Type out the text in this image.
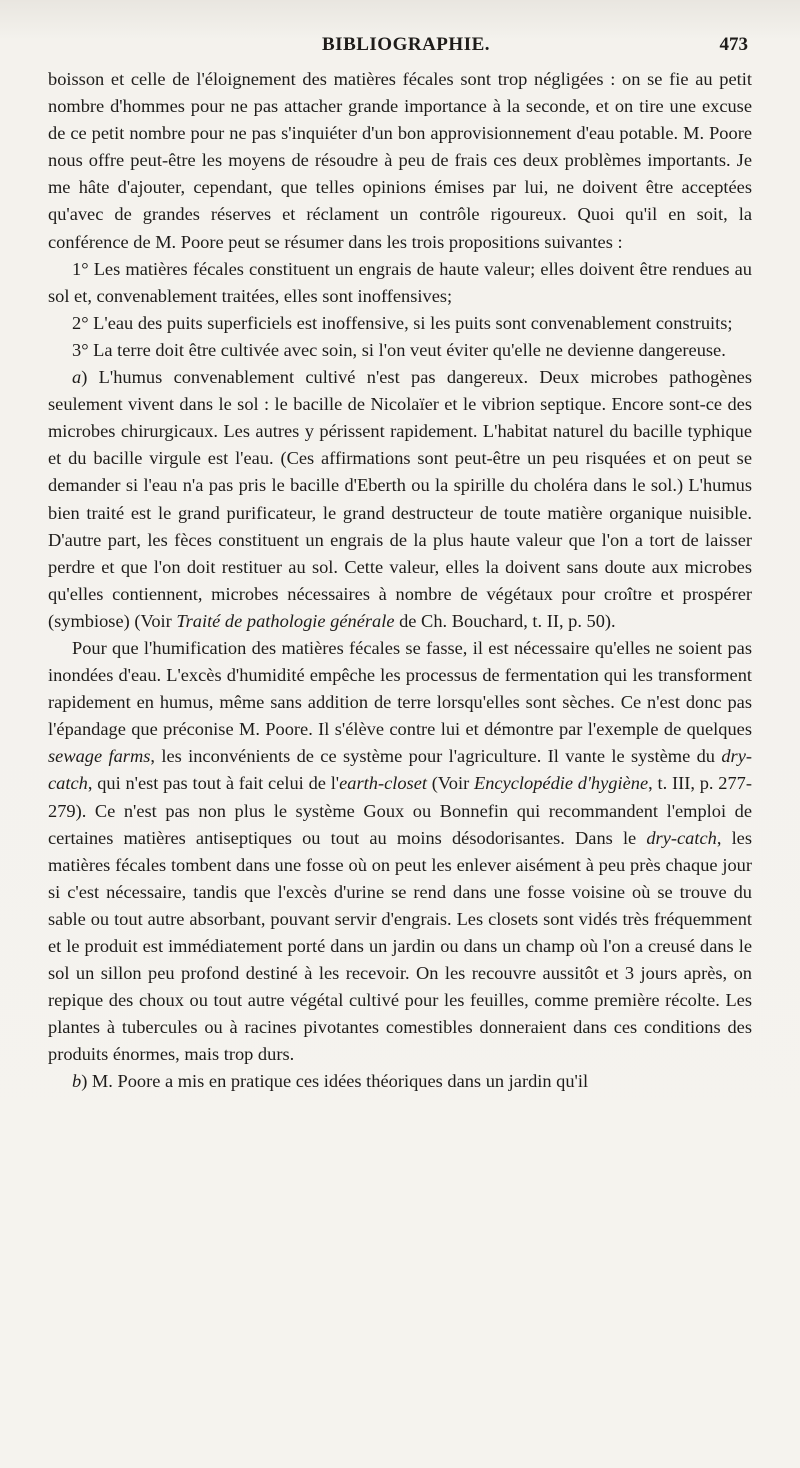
BIBLIOGRAPHIE.	473

boisson et celle de l'éloignement des matières fécales sont trop négligées : on se fie au petit nombre d'hommes pour ne pas attacher grande importance à la seconde, et on tire une excuse de ce petit nombre pour ne pas s'inquiéter d'un bon approvisionnement d'eau potable. M. Poore nous offre peut-être les moyens de résoudre à peu de frais ces deux problèmes importants. Je me hâte d'ajouter, cependant, que telles opinions émises par lui, ne doivent être acceptées qu'avec de grandes réserves et réclament un contrôle rigoureux. Quoi qu'il en soit, la conférence de M. Poore peut se résumer dans les trois propositions suivantes :

1° Les matières fécales constituent un engrais de haute valeur; elles doivent être rendues au sol et, convenablement traitées, elles sont inoffensives;

2° L'eau des puits superficiels est inoffensive, si les puits sont convenablement construits;

3° La terre doit être cultivée avec soin, si l'on veut éviter qu'elle ne devienne dangereuse.

a) L'humus convenablement cultivé n'est pas dangereux. Deux microbes pathogènes seulement vivent dans le sol : le bacille de Nicolaïer et le vibrion septique. Encore sont-ce des microbes chirurgicaux. Les autres y périssent rapidement. L'habitat naturel du bacille typhique et du bacille virgule est l'eau. (Ces affirmations sont peut-être un peu risquées et on peut se demander si l'eau n'a pas pris le bacille d'Eberth ou la spirille du choléra dans le sol.) L'humus bien traité est le grand purificateur, le grand destructeur de toute matière organique nuisible. D'autre part, les fèces constituent un engrais de la plus haute valeur que l'on a tort de laisser perdre et que l'on doit restituer au sol. Cette valeur, elles la doivent sans doute aux microbes qu'elles contiennent, microbes nécessaires à nombre de végétaux pour croître et prospérer (symbiose) (Voir Traité de pathologie générale de Ch. Bouchard, t. II, p. 50).

Pour que l'humification des matières fécales se fasse, il est nécessaire qu'elles ne soient pas inondées d'eau. L'excès d'humidité empêche les processus de fermentation qui les transforment rapidement en humus, même sans addition de terre lorsqu'elles sont sèches. Ce n'est donc pas l'épandage que préconise M. Poore. Il s'élève contre lui et démontre par l'exemple de quelques sewage farms, les inconvénients de ce système pour l'agriculture. Il vante le système du dry-catch, qui n'est pas tout à fait celui de l'earth-closet (Voir Encyclopédie d'hygiène, t. III, p. 277-279). Ce n'est pas non plus le système Goux ou Bonnefin qui recommandent l'emploi de certaines matières antiseptiques ou tout au moins désodorisantes. Dans le dry-catch, les matières fécales tombent dans une fosse où on peut les enlever aisément à peu près chaque jour si c'est nécessaire, tandis que l'excès d'urine se rend dans une fosse voisine où se trouve du sable ou tout autre absorbant, pouvant servir d'engrais. Les closets sont vidés très fréquemment et le produit est immédiatement porté dans un jardin ou dans un champ où l'on a creusé dans le sol un sillon peu profond destiné à les recevoir. On les recouvre aussitôt et 3 jours après, on repique des choux ou tout autre végétal cultivé pour les feuilles, comme première récolte. Les plantes à tubercules ou à racines pivotantes comestibles donneraient dans ces conditions des produits énormes, mais trop durs.

b) M. Poore a mis en pratique ces idées théoriques dans un jardin qu'il
